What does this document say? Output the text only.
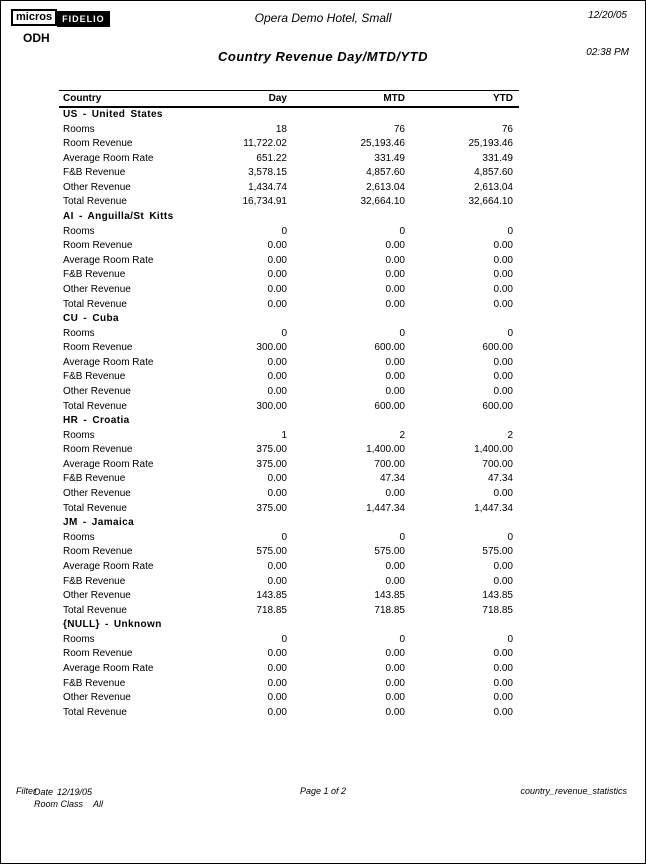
micros	FIDELIO
ODH
Opera Demo Hotel, Small	12/20/05
Country Revenue Day/MTD/YTD	02:38 PM
Country	Day	MTD	YTD
US - United States
Rooms	18	76	76
Room Revenue	11,722.02	25,193.46	25,193.46
Average Room Rate	651.22	331.49	331.49
F&B Revenue	3,578.15	4,857.60	4,857.60
Other Revenue	1,434.74	2,613.04	2,613.04
Total Revenue	16,734.91	32,664.10	32,664.10
AI - Anguilla/St Kitts
Rooms	0	0	0
Room Revenue	0.00	0.00	0.00
Average Room Rate	0.00	0.00	0.00
F&B Revenue	0.00	0.00	0.00
Other Revenue	0.00	0.00	0.00
Total Revenue	0.00	0.00	0.00
CU - Cuba
Rooms	0	0	0
Room Revenue	300.00	600.00	600.00
Average Room Rate	0.00	0.00	0.00
F&B Revenue	0.00	0.00	0.00
Other Revenue	0.00	0.00	0.00
Total Revenue	300.00	600.00	600.00
HR - Croatia
Rooms	1	2	2
Room Revenue	375.00	1,400.00	1,400.00
Average Room Rate	375.00	700.00	700.00
F&B Revenue	0.00	47.34	47.34
Other Revenue	0.00	0.00	0.00
Total Revenue	375.00	1,447.34	1,447.34
JM - Jamaica
Rooms	0	0	0
Room Revenue	575.00	575.00	575.00
Average Room Rate	0.00	0.00	0.00
F&B Revenue	0.00	0.00	0.00
Other Revenue	143.85	143.85	143.85
Total Revenue	718.85	718.85	718.85
{NULL} - Unknown
Rooms	0	0	0
Room Revenue	0.00	0.00	0.00
Average Room Rate	0.00	0.00	0.00
F&B Revenue	0.00	0.00	0.00
Other Revenue	0.00	0.00	0.00
Total Revenue	0.00	0.00	0.00
Filter
Date 12/19/05
Room Class All
Page 1 of 2	country_revenue_statistics
